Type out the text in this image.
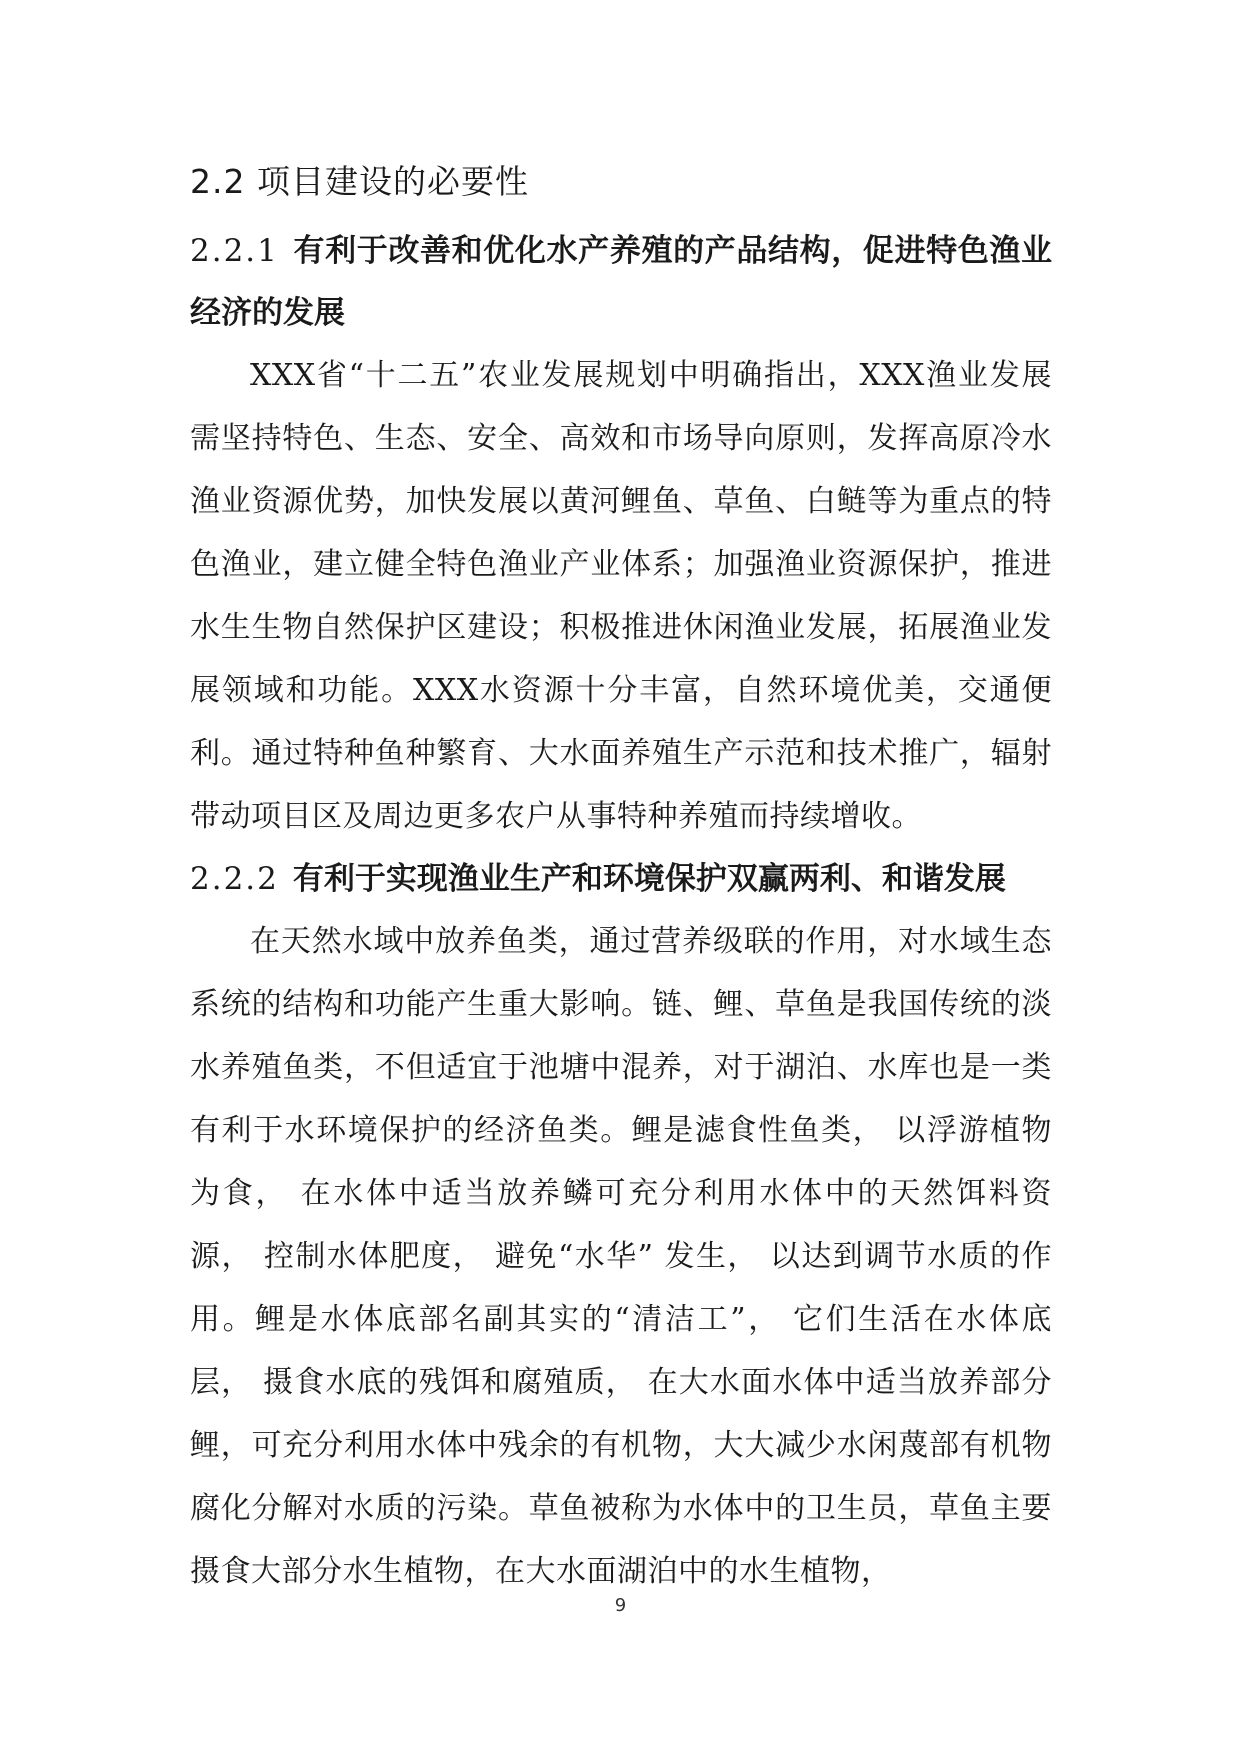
2.2 项目建设的必要性
2.2.1 有利于改善和优化水产养殖的产品结构，促进特色渔业经济的发展

XXX省“十二五”农业发展规划中明确指出，XXX渔业发展需坚持特色、生态、安全、高效和市场导向原则，发挥高原冷水渔业资源优势，加快发展以黄河鲤鱼、草鱼、白鲢等为重点的特色渔业，建立健全特色渔业产业体系；加强渔业资源保护，推进水生生物自然保护区建设；积极推进休闲渔业发展，拓展渔业发展领域和功能。XXX水资源十分丰富，自然环境优美，交通便利。通过特种鱼种繁育、大水面养殖生产示范和技术推广，辐射带动项目区及周边更多农户从事特种养殖而持续增收。

2.2.2 有利于实现渔业生产和环境保护双赢两利、和谐发展

在天然水域中放养鱼类，通过营养级联的作用，对水域生态系统的结构和功能产生重大影响。链、鲤、草鱼是我国传统的淡水养殖鱼类，不但适宜于池塘中混养，对于湖泊、水库也是一类有利于水环境保护的经济鱼类。鲤是滤食性鱼类， 以浮游植物为食， 在水体中适当放养鳞可充分利用水体中的天然饵料资源， 控制水体肥度， 避免“水华” 发生， 以达到调节水质的作用。鲤是水体底部名副其实的“清洁工”， 它们生活在水体底层， 摄食水底的残饵和腐殖质， 在大水面水体中适当放养部分鲤，可充分利用水体中残余的有机物，大大减少水闲蔑部有机物腐化分解对水质的污染。草鱼被称为水体中的卫生员，草鱼主要摄食大部分水生植物，在大水面湖泊中的水生植物，

9
